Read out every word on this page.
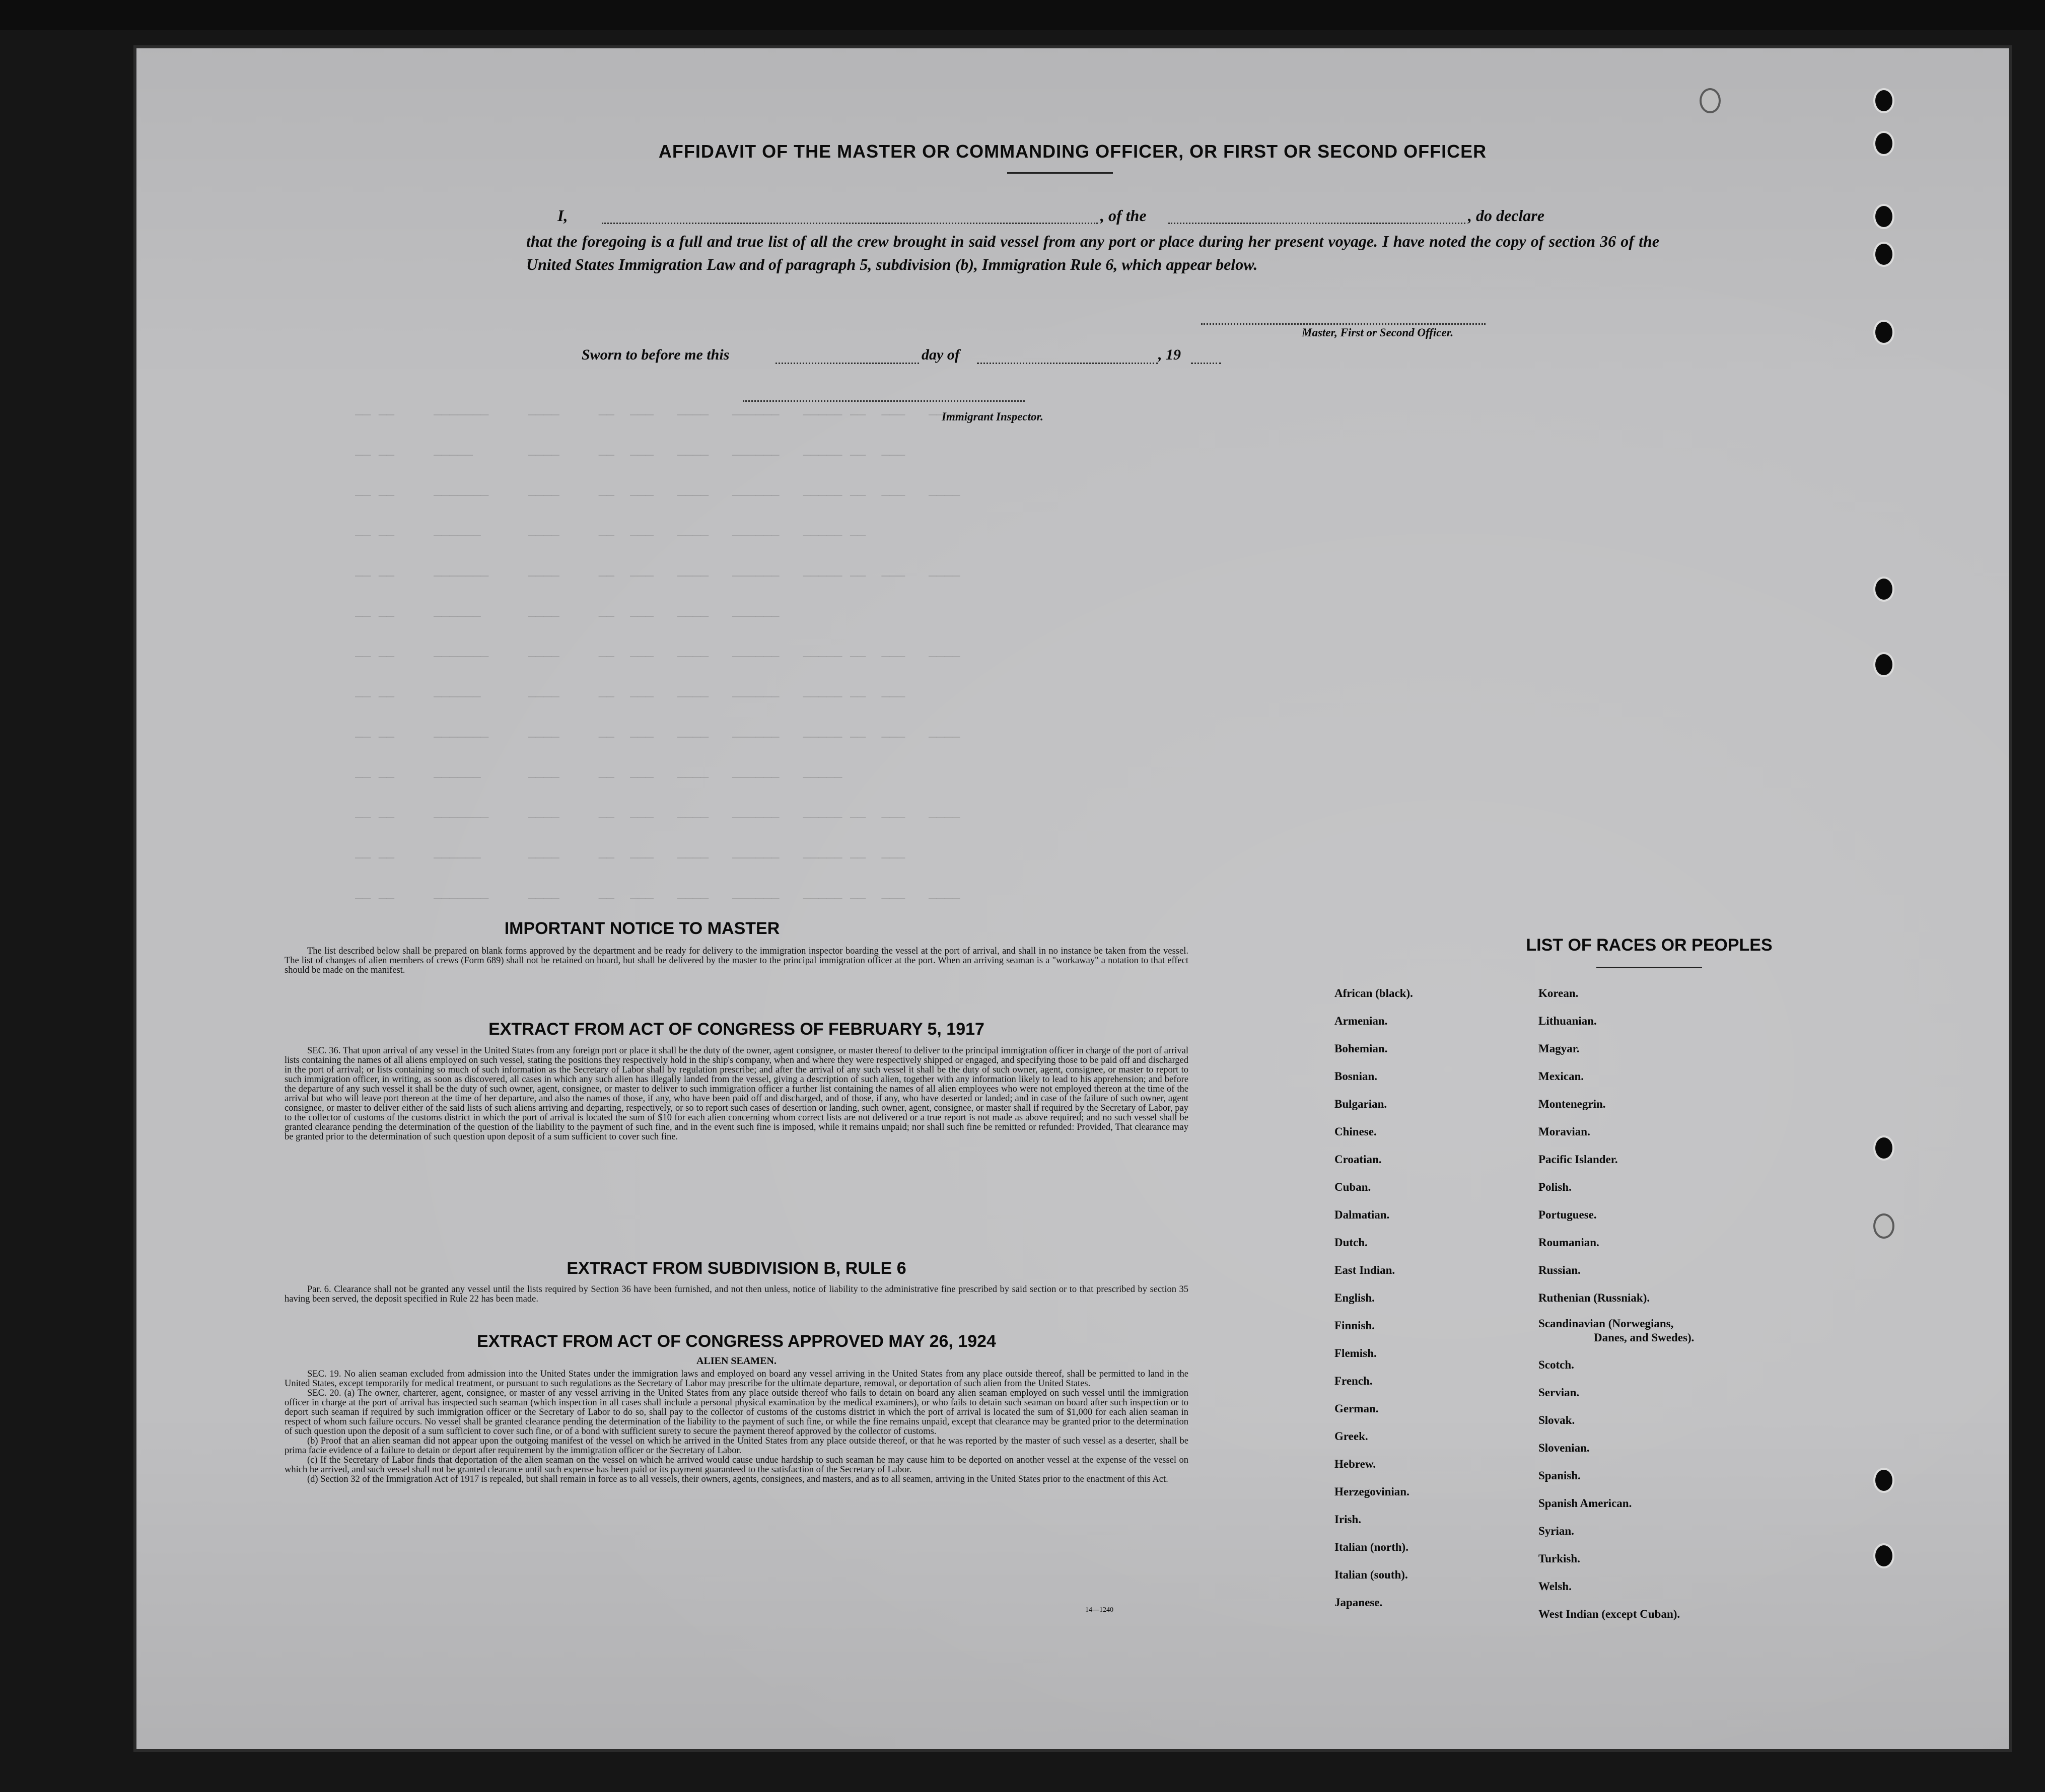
── ──     ───────     ────     ──  ───   ────   ──────   ───── ──  ───   ────
── ──     ─────       ────     ──  ───   ────   ──────   ───── ──  ───
── ──     ───────     ────     ──  ───   ────   ──────   ───── ──  ───   ────
── ──     ──────      ────     ──  ───   ────   ──────   ───── ──
── ──     ───────     ────     ──  ───   ────   ──────   ───── ──  ───   ────
── ──     ──────      ────     ──  ───   ────   ──────
── ──     ───────     ────     ──  ───   ────   ──────   ───── ──  ───   ────
── ──     ──────      ────     ──  ───   ────   ──────   ───── ──  ───
── ──     ───────     ────     ──  ───   ────   ──────   ───── ──  ───   ────
── ──     ──────      ────     ──  ───   ────   ──────   ─────
── ──     ───────     ────     ──  ───   ────   ──────   ───── ──  ───   ────
── ──     ──────      ────     ──  ───   ────   ──────   ───── ──  ───
── ──     ───────     ────     ──  ───   ────   ──────   ───── ──  ───   ────
AFFIDAVIT OF THE MASTER OR COMMANDING OFFICER, OR FIRST OR SECOND OFFICER
I,	, of the	, do declare
that the foregoing is a full and true list of all the crew brought in said vessel from any port or place during her present voyage. I have noted the copy of section 36 of the United States Immigration Law and of paragraph 5, subdivision (b), Immigration Rule 6, which appear below.
Master, First or Second Officer.
Sworn to before me this	day of	, 19
Immigrant Inspector.
IMPORTANT NOTICE TO MASTER

The list described below shall be prepared on blank forms approved by the department and be ready for delivery to the immigration inspector boarding the vessel at the port of arrival, and shall in no instance be taken from the vessel. The list of changes of alien members of crews (Form 689) shall not be retained on board, but shall be delivered by the master to the principal immigration officer at the port. When an arriving seaman is a "workaway" a notation to that effect should be made on the manifest.

EXTRACT FROM ACT OF CONGRESS OF FEBRUARY 5, 1917

SEC. 36. That upon arrival of any vessel in the United States from any foreign port or place it shall be the duty of the owner, agent consignee, or master thereof to deliver to the principal immigration officer in charge of the port of arrival lists containing the names of all aliens employed on such vessel, stating the positions they respectively hold in the ship's company, when and where they were respectively shipped or engaged, and specifying those to be paid off and discharged in the port of arrival; or lists containing so much of such information as the Secretary of Labor shall by regulation prescribe; and after the arrival of any such vessel it shall be the duty of such owner, agent, consignee, or master to report to such immigration officer, in writing, as soon as discovered, all cases in which any such alien has illegally landed from the vessel, giving a description of such alien, together with any information likely to lead to his apprehension; and before the departure of any such vessel it shall be the duty of such owner, agent, consignee, or master to deliver to such immigration officer a further list containing the names of all alien employees who were not employed thereon at the time of the arrival but who will leave port thereon at the time of her departure, and also the names of those, if any, who have been paid off and discharged, and of those, if any, who have deserted or landed; and in case of the failure of such owner, agent consignee, or master to deliver either of the said lists of such aliens arriving and departing, respectively, or so to report such cases of desertion or landing, such owner, agent, consignee, or master shall if required by the Secretary of Labor, pay to the collector of customs of the customs district in which the port of arrival is located the sum of $10 for each alien concerning whom correct lists are not delivered or a true report is not made as above required; and no such vessel shall be granted clearance pending the determination of the question of the liability to the payment of such fine, and in the event such fine is imposed, while it remains unpaid; nor shall such fine be remitted or refunded: Provided, That clearance may be granted prior to the determination of such question upon deposit of a sum sufficient to cover such fine.

EXTRACT FROM SUBDIVISION B, RULE 6

Par. 6. Clearance shall not be granted any vessel until the lists required by Section 36 have been furnished, and not then unless, notice of liability to the administrative fine prescribed by said section or to that prescribed by section 35 having been served, the deposit specified in Rule 22 has been made.

EXTRACT FROM ACT OF CONGRESS APPROVED MAY 26, 1924
ALIEN SEAMEN.

SEC. 19. No alien seaman excluded from admission into the United States under the immigration laws and employed on board any vessel arriving in the United States from any place outside thereof, shall be permitted to land in the United States, except temporarily for medical treatment, or pursuant to such regulations as the Secretary of Labor may prescribe for the ultimate departure, removal, or deportation of such alien from the United States.

SEC. 20. (a) The owner, charterer, agent, consignee, or master of any vessel arriving in the United States from any place outside thereof who fails to detain on board any alien seaman employed on such vessel until the immigration officer in charge at the port of arrival has inspected such seaman (which inspection in all cases shall include a personal physical examination by the medical examiners), or who fails to detain such seaman on board after such inspection or to deport such seaman if required by such immigration officer or the Secretary of Labor to do so, shall pay to the collector of customs of the customs district in which the port of arrival is located the sum of $1,000 for each alien seaman in respect of whom such failure occurs. No vessel shall be granted clearance pending the determination of the liability to the payment of such fine, or while the fine remains unpaid, except that clearance may be granted prior to the determination of such question upon the deposit of a sum sufficient to cover such fine, or of a bond with sufficient surety to secure the payment thereof approved by the collector of customs.

(b) Proof that an alien seaman did not appear upon the outgoing manifest of the vessel on which he arrived in the United States from any place outside thereof, or that he was reported by the master of such vessel as a deserter, shall be prima facie evidence of a failure to detain or deport after requirement by the immigration officer or the Secretary of Labor.

(c) If the Secretary of Labor finds that deportation of the alien seaman on the vessel on which he arrived would cause undue hardship to such seaman he may cause him to be deported on another vessel at the expense of the vessel on which he arrived, and such vessel shall not be granted clearance until such expense has been paid or its payment guaranteed to the satisfaction of the Secretary of Labor.

(d) Section 32 of the Immigration Act of 1917 is repealed, but shall remain in force as to all vessels, their owners, agents, consignees, and masters, and as to all seamen, arriving in the United States prior to the enactment of this Act.

14—1240
LIST OF RACES OR PEOPLES
African (black).
Armenian.
Bohemian.
Bosnian.
Bulgarian.
Chinese.
Croatian.
Cuban.
Dalmatian.
Dutch.
East Indian.
English.
Finnish.
Flemish.
French.
German.
Greek.
Hebrew.
Herzegovinian.
Irish.
Italian (north).
Italian (south).
Japanese.
Korean.
Lithuanian.
Magyar.
Mexican.
Montenegrin.
Moravian.
Pacific Islander.
Polish.
Portuguese.
Roumanian.
Russian.
Ruthenian (Russniak).
Scandinavian (Norwegians,
Danes, and Swedes).
Scotch.
Servian.
Slovak.
Slovenian.
Spanish.
Spanish American.
Syrian.
Turkish.
Welsh.
West Indian (except Cuban).
